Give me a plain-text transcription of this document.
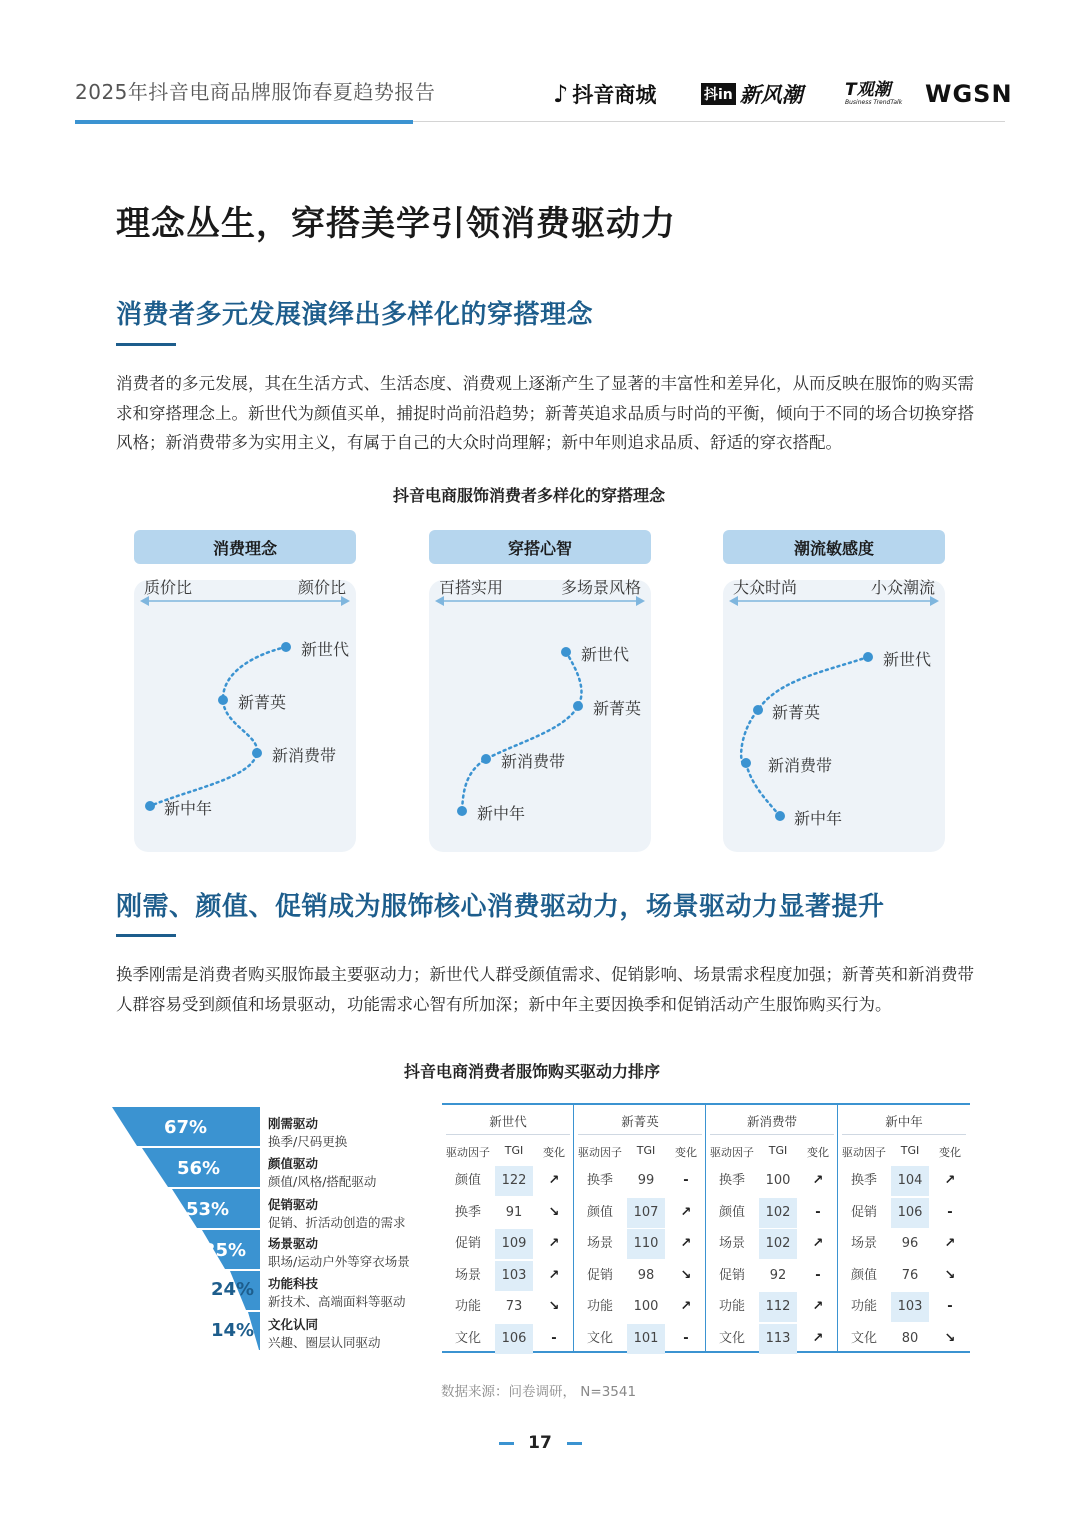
2025年抖音电商品牌服饰春夏趋势报告	♪ 抖音商城	抖in 新风潮 T观潮
Business TrendTalk WGSN
理念丛生，穿搭美学引领消费驱动力
消费者多元发展演绎出多样化的穿搭理念
消费者的多元发展，其在生活方式、生活态度、消费观上逐渐产生了显著的丰富性和差异化，从而反映在服饰的购买需求和穿搭理念上。新世代为颜值买单，捕捉时尚前沿趋势；新菁英追求品质与时尚的平衡，倾向于不同的场合切换穿搭风格；新消费带多为实用主义，有属于自己的大众时尚理解；新中年则追求品质、舒适的穿衣搭配。
抖音电商服饰消费者多样化的穿搭理念
消费理念
质价比	颜价比
新世代
新菁英
新消费带
新中年
穿搭心智
百搭实用	多场景风格
新世代
新菁英
新消费带
新中年
潮流敏感度
大众时尚	小众潮流
新世代
新菁英
新消费带
新中年
刚需、颜值、促销成为服饰核心消费驱动力，场景驱动力显著提升
换季刚需是消费者购买服饰最主要驱动力；新世代人群受颜值需求、促销影响、场景需求程度加强；新菁英和新消费带人群容易受到颜值和场景驱动，功能需求心智有所加深；新中年主要因换季和促销活动产生服饰购买行为。
抖音电商消费者服饰购买驱动力排序
67%
56%
53%
35%
24%
14%
刚需驱动
换季/尺码更换
颜值驱动
颜值/风格/搭配驱动
促销驱动
促销、折活动创造的需求
场景驱动
职场/运动户外等穿衣场景
功能科技
新技术、高端面料等驱动
文化认同
兴趣、圈层认同驱动
新世代
驱动因子	TGI	变化
颜值	122	↗
换季	91	↘
促销	109	↗
场景	103	↗
功能	73	↘
文化	106	-
新菁英
驱动因子	TGI	变化
换季	99	-
颜值	107	↗
场景	110	↗
促销	98	↘
功能	100	↗
文化	101	-
新消费带
驱动因子	TGI	变化
换季	100	↗
颜值	102	-
场景	102	↗
促销	92	-
功能	112	↗
文化	113	↗
新中年
驱动因子	TGI	变化
换季	104	↗
促销	106	-
场景	96	↗
颜值	76	↘
功能	103	-
文化	80	↘
数据来源：问卷调研， N=3541
17
